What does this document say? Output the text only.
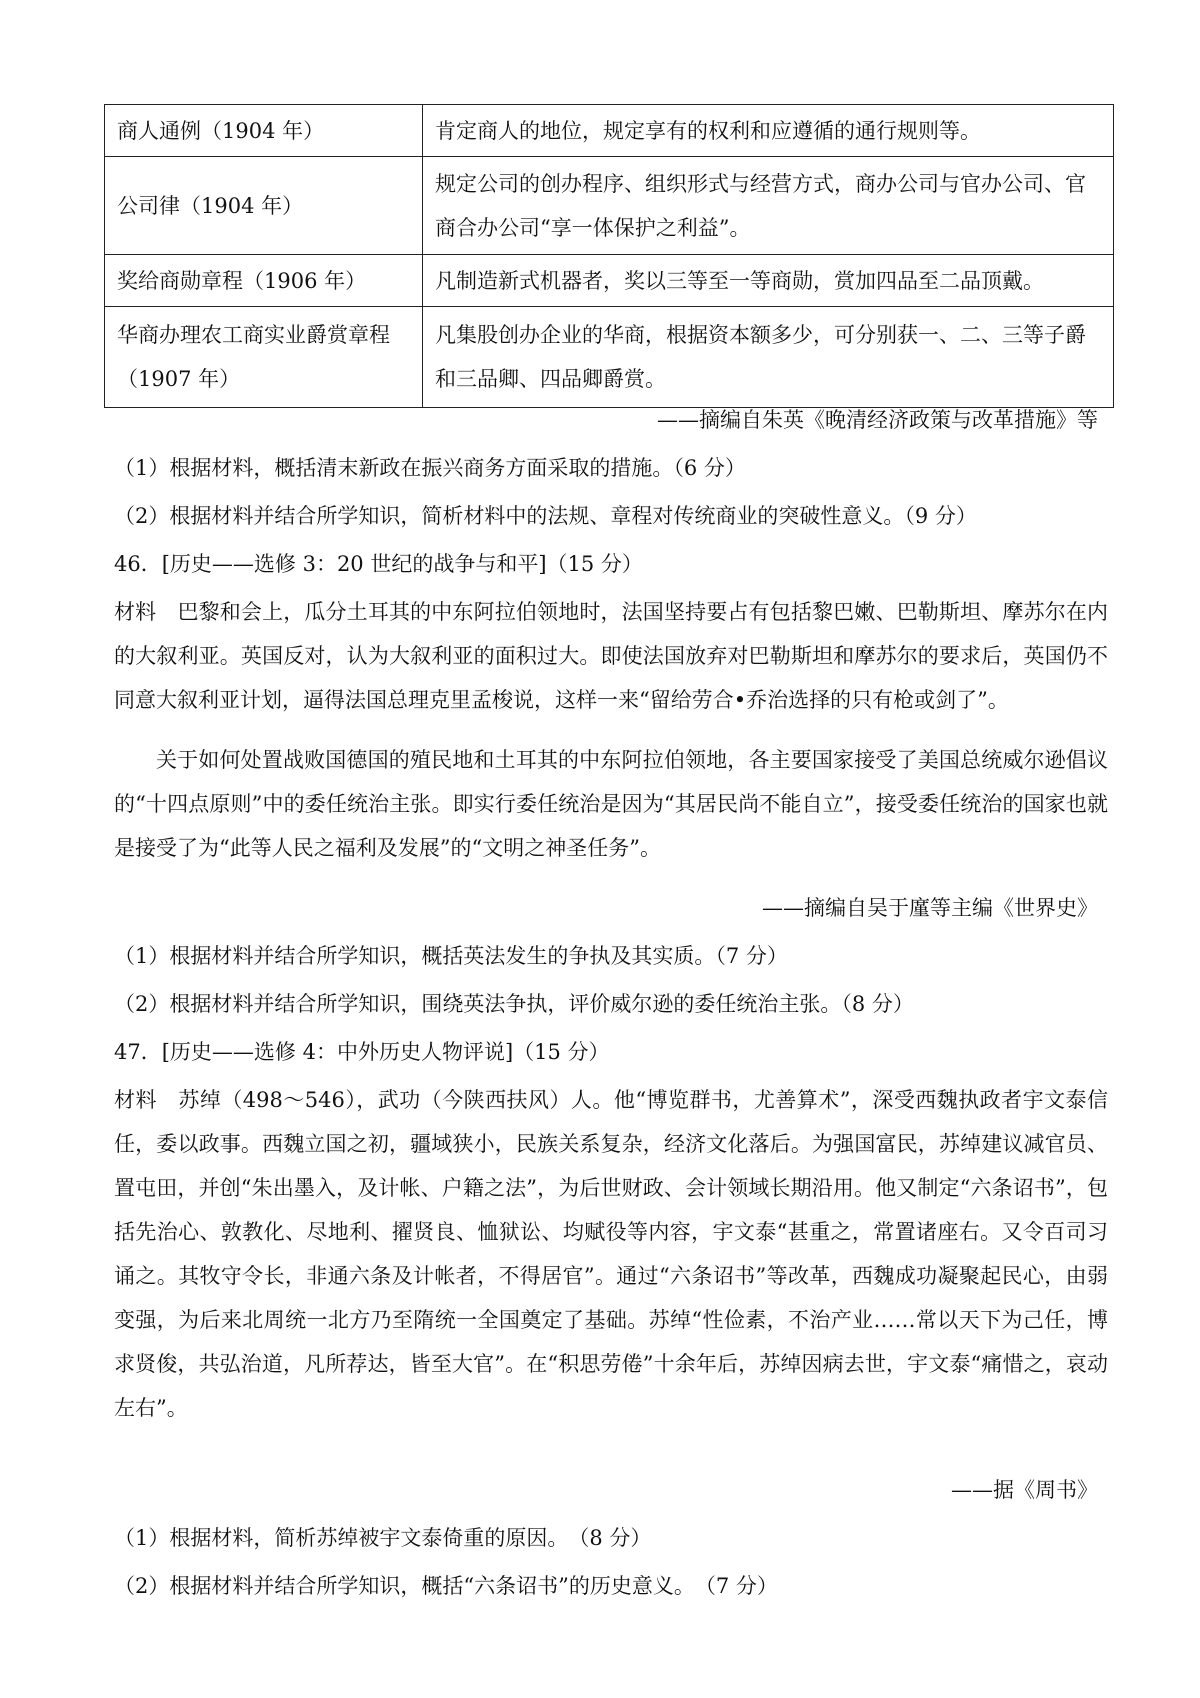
商人通例（1904 年）	肯定商人的地位，规定享有的权利和应遵循的通行规则等。
公司律（1904 年）	规定公司的创办程序、组织形式与经营方式，商办公司与官办公司、官商合办公司“享一体保护之利益”。
奖给商勋章程（1906 年）	凡制造新式机器者，奖以三等至一等商勋，赏加四品至二品顶戴。
华商办理农工商实业爵赏章程（1907 年）	凡集股创办企业的华商，根据资本额多少，可分别获一、二、三等子爵和三品卿、四品卿爵赏。
——摘编自朱英《晚清经济政策与改革措施》等
（1）根据材料，概括清末新政在振兴商务方面采取的措施。（6 分）
（2）根据材料并结合所学知识，简析材料中的法规、章程对传统商业的突破性意义。（9 分）
46．[历史——选修 3：20 世纪的战争与和平]（15 分）
材料　巴黎和会上，瓜分土耳其的中东阿拉伯领地时，法国坚持要占有包括黎巴嫩、巴勒斯坦、摩苏尔在内的大叙利亚。英国反对，认为大叙利亚的面积过大。即使法国放弃对巴勒斯坦和摩苏尔的要求后，英国仍不同意大叙利亚计划，逼得法国总理克里孟梭说，这样一来“留给劳合•乔治选择的只有枪或剑了”。
关于如何处置战败国德国的殖民地和土耳其的中东阿拉伯领地，各主要国家接受了美国总统威尔逊倡议的“十四点原则”中的委任统治主张。即实行委任统治是因为“其居民尚不能自立”，接受委任统治的国家也就是接受了为“此等人民之福利及发展”的“文明之神圣任务”。
——摘编自吴于廑等主编《世界史》
（1）根据材料并结合所学知识，概括英法发生的争执及其实质。（7 分）
（2）根据材料并结合所学知识，围绕英法争执，评价威尔逊的委任统治主张。（8 分）
47．[历史——选修 4：中外历史人物评说]（15 分）
材料　苏绰（498～546），武功（今陕西扶风）人。他“博览群书，尤善算术”，深受西魏执政者宇文泰信任，委以政事。西魏立国之初，疆域狭小，民族关系复杂，经济文化落后。为强国富民，苏绰建议减官员、置屯田，并创“朱出墨入，及计帐、户籍之法”，为后世财政、会计领域长期沿用。他又制定“六条诏书”，包括先治心、敦教化、尽地利、擢贤良、恤狱讼、均赋役等内容，宇文泰“甚重之，常置诸座右。又令百司习诵之。其牧守令长，非通六条及计帐者，不得居官”。通过“六条诏书”等改革，西魏成功凝聚起民心，由弱变强，为后来北周统一北方乃至隋统一全国奠定了基础。苏绰“性俭素，不治产业……常以天下为己任，博求贤俊，共弘治道，凡所荐达，皆至大官”。在“积思劳倦”十余年后，苏绰因病去世，宇文泰“痛惜之，哀动左右”。
——据《周书》
（1）根据材料，简析苏绰被宇文泰倚重的原因。　（8 分）
（2）根据材料并结合所学知识，概括“六条诏书”的历史意义。　（7 分）
